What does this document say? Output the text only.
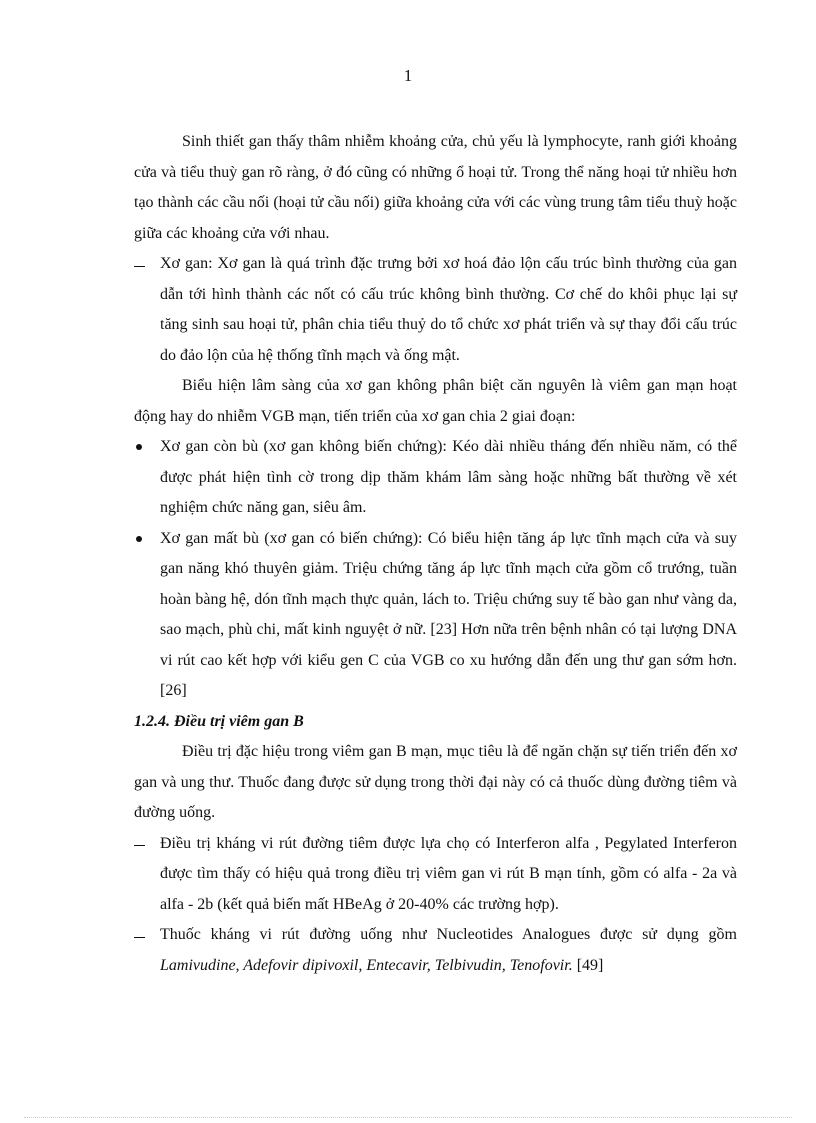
1

Sinh thiết gan thấy thâm nhiễm khoảng cửa, chủ yếu là lymphocyte, ranh giới khoảng cửa và tiểu thuỳ gan rõ ràng, ở đó cũng có những ổ hoại tử. Trong thể năng hoại tử nhiều hơn tạo thành các cầu nối (hoại tử cầu nối) giữa khoảng cửa với các vùng trung tâm tiểu thuỳ hoặc giữa các khoảng cửa với nhau.

Xơ gan: Xơ gan là quá trình đặc trưng bởi xơ hoá đảo lộn cấu trúc bình thường của gan dẫn tới hình thành các nốt có cấu trúc không bình thường. Cơ chế do khôi phục lại sự tăng sinh sau hoại tử, phân chia tiểu thuỷ do tổ chức xơ phát triển và sự thay đổi cấu trúc do đảo lộn của hệ thống tĩnh mạch và ống mật.

Biểu hiện lâm sàng của xơ gan không phân biệt căn nguyên là viêm gan mạn hoạt động hay do nhiễm VGB mạn, tiến triển của xơ gan chia 2 giai đoạn:

Xơ gan còn bù (xơ gan không biến chứng): Kéo dài nhiều tháng đến nhiều năm, có thể được phát hiện tình cờ trong dịp thăm khám lâm sàng hoặc những bất thường về xét nghiệm chức năng gan, siêu âm.
Xơ gan mất bù (xơ gan có biến chứng): Có biểu hiện tăng áp lực tĩnh mạch cửa và suy gan năng khó thuyên giảm. Triệu chứng tăng áp lực tĩnh mạch cửa gồm cổ trướng, tuần hoàn bàng hệ, dón tĩnh mạch thực quản, lách to. Triệu chứng suy tế bào gan như vàng da, sao mạch, phù chi, mất kinh nguyệt ở nữ. [23] Hơn nữa trên bệnh nhân có tại lượng DNA vi rút cao kết hợp với kiểu gen C của VGB co xu hướng dẫn đến ung thư gan sớm hơn. [26]

1.2.4. Điều trị viêm gan B

Điều trị đặc hiệu trong viêm gan B mạn, mục tiêu là để ngăn chặn sự tiến triển đến xơ gan và ung thư. Thuốc đang được sử dụng trong thời đại này có cả thuốc dùng đường tiêm và đường uống.

Điều trị kháng vi rút đường tiêm được lựa chọ có Interferon alfa , Pegylated Interferon được tìm thấy có hiệu quả trong điều trị viêm gan vi rút B mạn tính, gồm có alfa - 2a và alfa - 2b (kết quả biến mất HBeAg ở 20-40% các trường hợp).
Thuốc kháng vi rút đường uống như Nucleotides Analogues được sử dụng gồm Lamivudine, Adefovir dipivoxil, Entecavir, Telbivudin, Tenofovir. [49]
